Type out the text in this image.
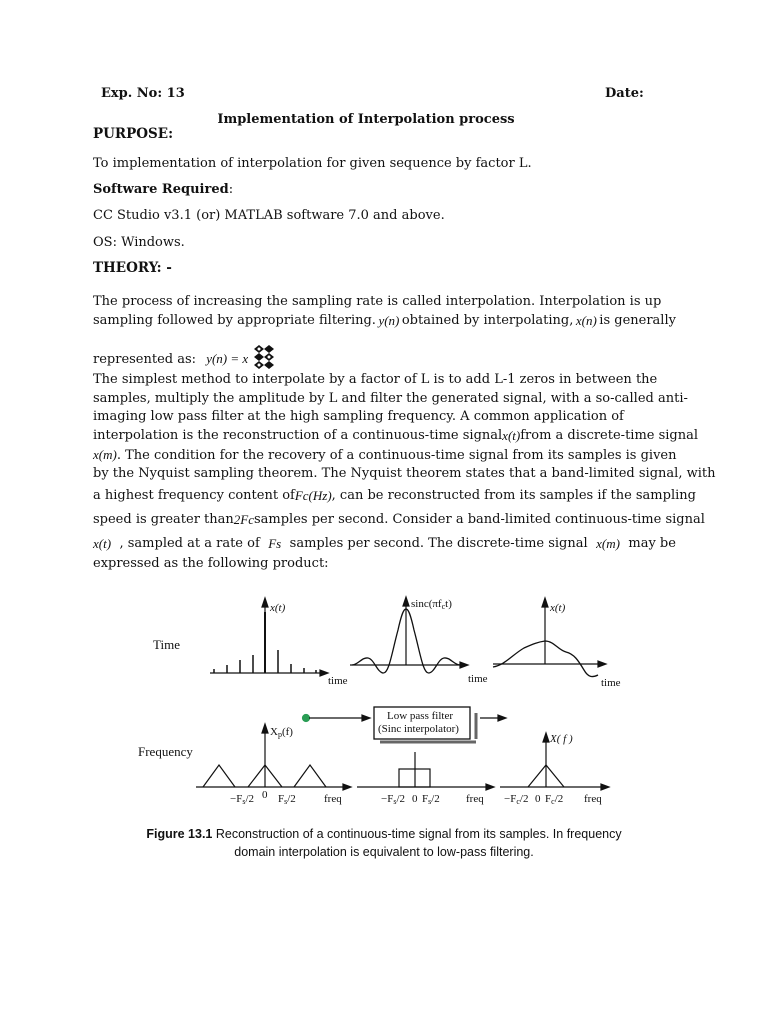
Exp. No: 13	Date:
Implementation of Interpolation process
PURPOSE:
To implementation of interpolation for given sequence by factor L.
Software Required:
CC Studio v3.1 (or) MATLAB software 7.0 and above.
OS: Windows.
THEORY: -
The process of increasing the sampling rate is called interpolation. Interpolation is up
sampling followed by appropriate filtering. y(n) obtained by interpolating, x(n) is generally
represented as: y(n) = x
The simplest method to interpolate by a factor of L is to add L-1 zeros in between the
samples, multiply the amplitude by L and filter the generated signal, with a so-called anti-
imaging low pass filter at the high sampling frequency. A common application of
interpolation is the reconstruction of a continuous-time signal x(t) from a discrete-time signal
x(m). The condition for the recovery of a continuous-time signal from its samples is given
by the Nyquist sampling theorem. The Nyquist theorem states that a band-limited signal, with
a highest frequency content of Fc(Hz) , can be reconstructed from its samples if the sampling
speed is greater than 2Fc samples per second. Consider a band-limited continuous-time signal
x(t) , sampled at a rate of Fs samples per second. The discrete-time signal x(m) may be
expressed as the following product:
Time
Frequency
x(t)	sinc(πfct)	x(t)
time	time	time
Low pass filter
(Sinc interpolator)
Xp(f)
X( f )
−Fs/2 0 Fs/2	freq	−Fs/2 0 Fs/2 freq −Fc/2 0 Fc/2 freq
Figure 13.1 Reconstruction of a continuous-time signal from its samples. In frequency
domain interpolation is equivalent to low-pass filtering.
